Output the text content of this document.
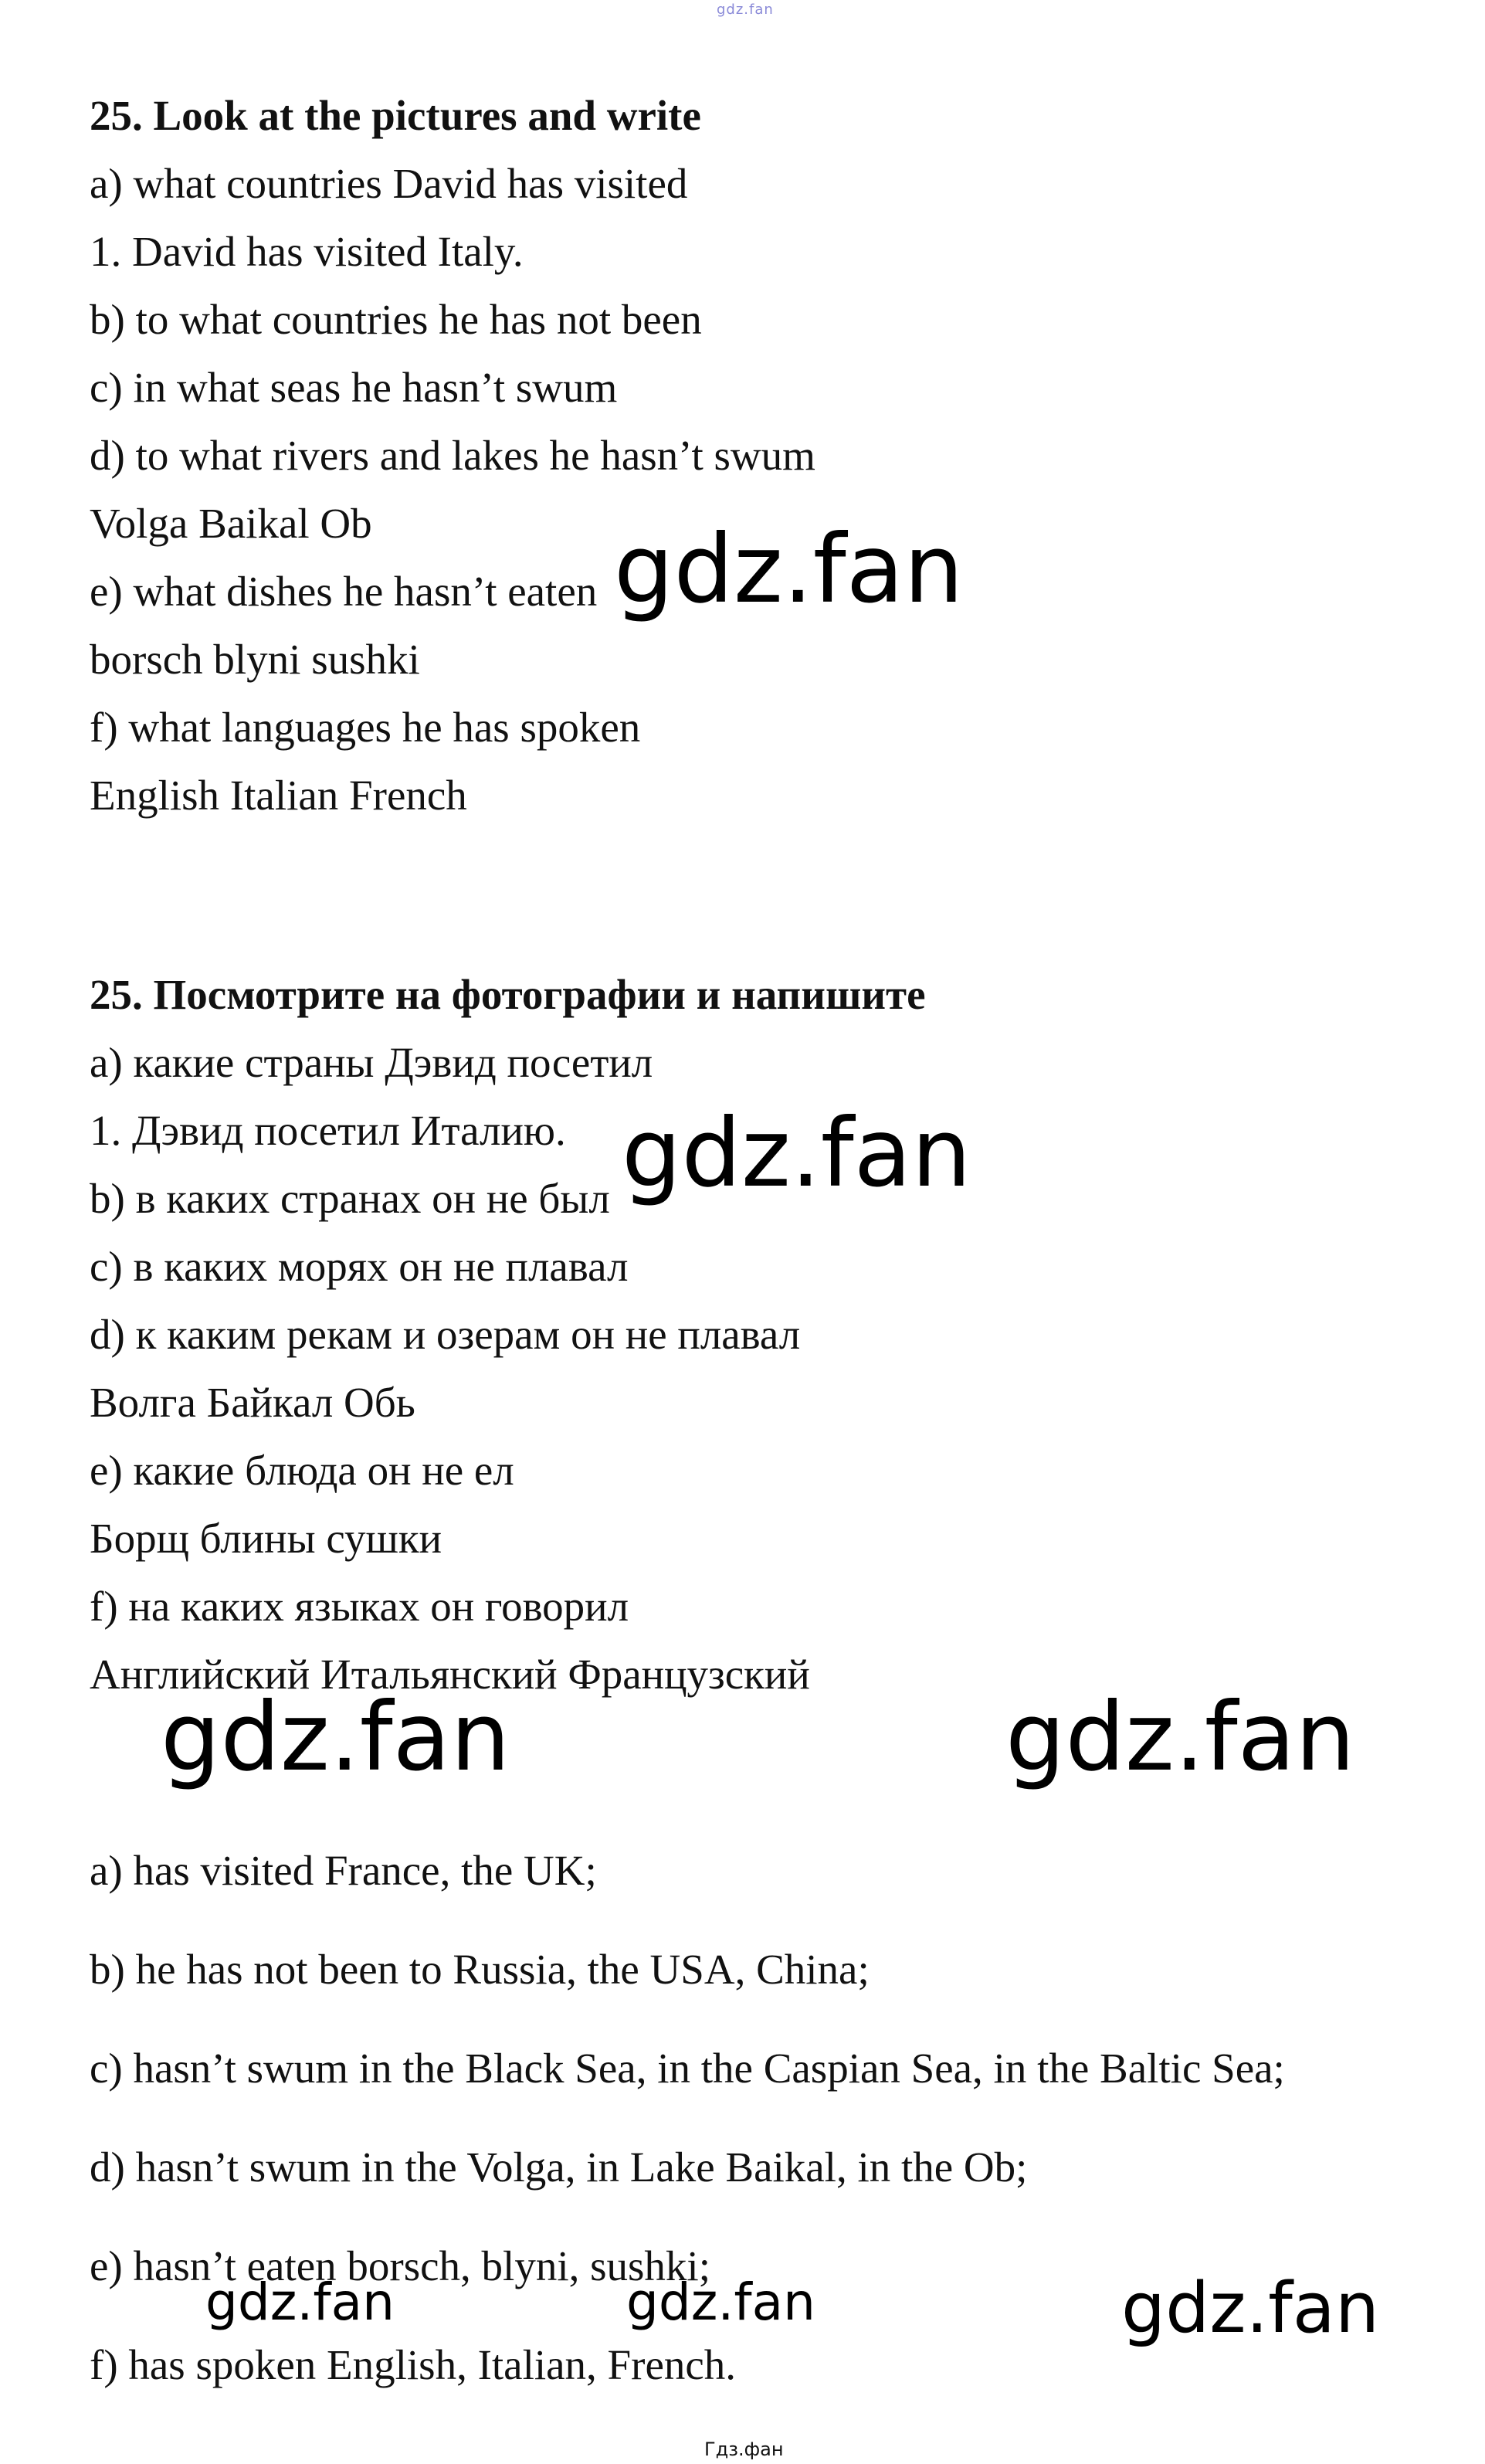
gdz.fan
25. Look at the pictures and write
a) what countries David has visited
1. David has visited Italy.
b) to what countries he has not been
c) in what seas he hasn’t swum
d) to what rivers and lakes he hasn’t swum
Volga Baikal Ob
e) what dishes he hasn’t eaten
borsch blyni sushki
f) what languages he has spoken
English Italian French
25. Посмотрите на фотографии и напишите
a) какие страны Дэвид посетил
1. Дэвид посетил Италию.
b) в каких странах он не был
c) в каких морях он не плавал
d) к каким рекам и озерам он не плавал
Волга Байкал Обь
e) какие блюда он не ел
Борщ блины сушки
f) на каких языках он говорил
Английский Итальянский Французский
a) has visited France, the UK;
b) he has not been to Russia, the USA, China;
c) hasn’t swum in the Black Sea, in the Caspian Sea, in the Baltic Sea;
d) hasn’t swum in the Volga, in Lake Baikal, in the Ob;
e) hasn’t eaten borsch, blyni, sushki;
f) has spoken English, Italian, French.
gdz.fan
gdz.fan
gdz.fan	gdz.fan
gdz.fan	gdz.fan	gdz.fan
Гдз.фан
